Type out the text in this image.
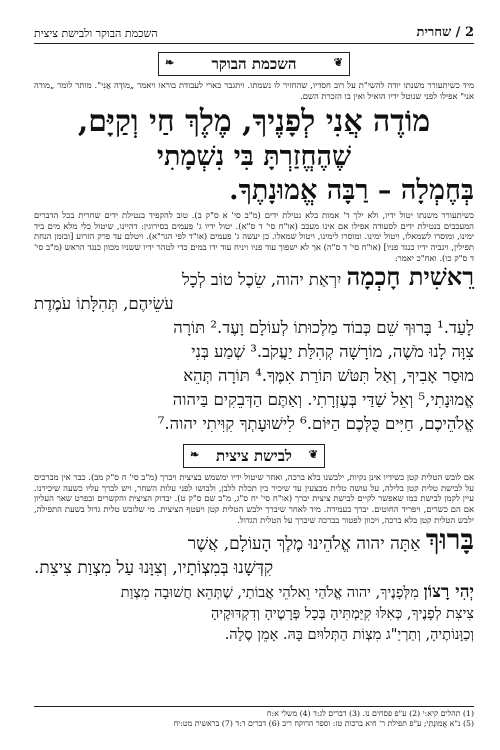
2 / שחרית
השכמת הבוקר ולבישת ציצית
❦
השכמת הבוקר
❧
מיד כשיתעורר משנתו יודה להשי"ת על רוב חסדיו, שהחזיר לו נשמתו. ויתגבר כארי לעבודת בוראו ויאמר „מוֹדֶה אֲנִי". מותר לומר „מודה אני" אפילו לפני שנוטל ידיו הואיל ואין בו הזכרת השם.
מוֹדֶה אֲנִי לְפָנֶיךָ, מֶלֶךְ חַי וְקַיָּם,
שֶׁהֶחֱזַרְתָּ בִּי נִשְׁמָתִי
בְּחֶמְלָה – רַבָּה אֱמוּנָתֶךָ.
כשיתעורר משנתו יטול ידיו, ולא ילך ד' אמות בלא נטילת ידים (מ"ב סי' א ס"ק ב). טוב להקפיד בנטילת ידים שחרית בכל הדברים המעכבים בנטילת ידים לסעודה אפילו אם אינו מעכב (או"ח סי' ד ס"א). יטול ידיו ג' פעמים בסירוגין: דהיינו, שיטול כלי מלא מים ביד ימינו, ומוסרו לשמאלו, ויטול ימינו. ומוסרו לימינו, ויטול שמאלו. כן יעשה ג' פעמים (או"ד לפי הגר"א). ויטלם עד פרק הזרוע [ובזמן הנחת תפילין, ויגביה ידיו כנגד פניו] (או"ח סי' ד ס"ה) אך לא ישפוך עוד פניו ויניח עוד ידו במים כדי לטהר ידיו ששניו מכוון כנגד הראש (מ"ב סי' ד ס"ק כו). ואח"כ יאמר:
רֵאשִׁית חָכְמָה יִרְאַת יהוה, שֵׂכֶל טוֹב לְכָל
עֹשֵׂיהֶם, תְּהִלָּתוֹ עֹמֶדֶת
לָעַד.¹ בָּרוּךְ שֵׁם כְּבוֹד מַלְכוּתוֹ לְעוֹלָם וָעֶד.² תּוֹרָה
צִוָּה לָנוּ מֹשֶׁה, מוֹרָשָׁה קְהִלַּת יַעֲקֹב.³ שְׁמַע בְּנִי
מוּסַר אָבִיךָ, וְאַל תִּטֹּשׁ תּוֹרַת אִמֶּךָ.⁴ תּוֹרָה תְּהֵא
אֱמוּנָתִי,⁵ וְאֵל שַׁדַּי בְּעֶזְרָתִי. וְאַתֶּם הַדְּבֵקִים בַּיהוה
אֱלֹהֵיכֶם, חַיִּים כֻּלְּכֶם הַיּוֹם.⁶ לִישׁוּעָתְךָ קִוִּיתִי יהוה.⁷
❦
לבישת ציצית
❧
אם לובש הטלית קטן כשידיו אינן נקיות, ילבשנו בלא ברכה, ואחר שיטול ידיו ימשמש בציצית ויברך (מ"ב סי' ח ס"ק מב). כבר אין מברכים על לבישת טלית קטן בלילה, על עושה טלית מבצעין עד שיכיר בין תכלת ללבן, ולבושו לפני עלות השחר, ויש לברך עליו כשעה שיכירנו. עיין לקמן לבישת כמו שאפשר לקיים לבישת ציצית יברך (או"ח סי' יח ס"ג, מ"ב שם ס"ק ט). יבדוק הציצית והקשרים ובפרט שאר העליון אם הם כשרים, ויפריד החוטים. יברך בעמידה. מיד לאחר שיברך ילבש הטלית קטן ויעטף הציצית. מי שלובש טלית גדול בשעת התפילה, ילבש הטלית קטן בלא ברכה, ויכוון לפטור בברכה שיברך על הטלית הגדול.
בָּרוּךְ אַתָּה יהוה אֱלֹהֵינוּ מֶלֶךְ הָעוֹלָם, אֲשֶׁר
קִדְּשָׁנוּ בְּמִצְוֹתָיו, וְצִוָּנוּ עַל מִצְוַת צִיצִת.
יְהִי רָצוֹן מִלְּפָנֶיךָ, יהוה אֱלֹהַי וֵאלֹהֵי אֲבוֹתַי, שֶׁתְּהֵא חֲשׁוּבָה מִצְוַת
צִיצִת לְפָנֶיךָ, כְּאִלּוּ קִיַּמְתִּיהָ בְּכָל פְּרָטֶיהָ וְדִקְדּוּקֶיהָ
וְכַוָּנוֹתֶיהָ, וְתַרְיַ"ג מִצְוֹת הַתְּלוּיִם בָּהּ. אָמֵן סֶלָה.
(1) תהלים קיא:י (2) ע"פ פסחים נו. (3) דברים לג:ד (4) משלי א:ח
(5) נ"א אֱמוּנָתִי; ע"פ תפילת ר' חיא ברכות טז: וספר הרוקח ריב (6) דברים ד:ד (7) בראשית מט:יח
